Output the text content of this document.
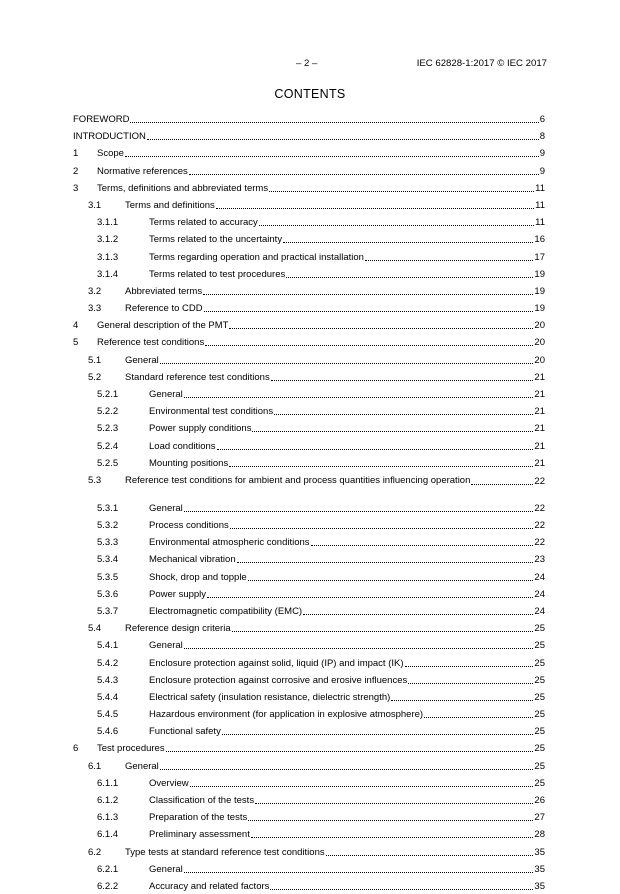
– 2 –	IEC 62828-1:2017 © IEC 2017
CONTENTS
FOREWORD	6
INTRODUCTION	8
1 Scope	9
2 Normative references	9
3 Terms, definitions and abbreviated terms	11
3.1	Terms and definitions	11
3.1.1	Terms related to accuracy	11
3.1.2	Terms related to the uncertainty	16
3.1.3	Terms regarding operation and practical installation	17
3.1.4	Terms related to test procedures	19
3.2	Abbreviated terms	19
3.3	Reference to CDD	19
4 General description of the PMT	20
5 Reference test conditions	20
5.1	General	20
5.2	Standard reference test conditions	21
5.2.1	General	21
5.2.2	Environmental test conditions	21
5.2.3	Power supply conditions	21
5.2.4	Load conditions	21
5.2.5	Mounting positions	21
5.3	Reference test conditions for ambient and process quantities influencing operation	22
5.3.1	General	22
5.3.2	Process conditions	22
5.3.3	Environmental atmospheric conditions	22
5.3.4	Mechanical vibration	23
5.3.5	Shock, drop and topple	24
5.3.6	Power supply	24
5.3.7	Electromagnetic compatibility (EMC)	24
5.4	Reference design criteria	25
5.4.1	General	25
5.4.2	Enclosure protection against solid, liquid (IP) and impact (IK)	25
5.4.3	Enclosure protection against corrosive and erosive influences	25
5.4.4	Electrical safety (insulation resistance, dielectric strength)	25
5.4.5	Hazardous environment (for application in explosive atmosphere)	25
5.4.6	Functional safety	25
6 Test procedures	25
6.1	General	25
6.1.1	Overview	25
6.1.2	Classification of the tests	26
6.1.3	Preparation of the tests	27
6.1.4	Preliminary assessment	28
6.2	Type tests at standard reference test conditions	35
6.2.1	General	35
6.2.2	Accuracy and related factors	35
